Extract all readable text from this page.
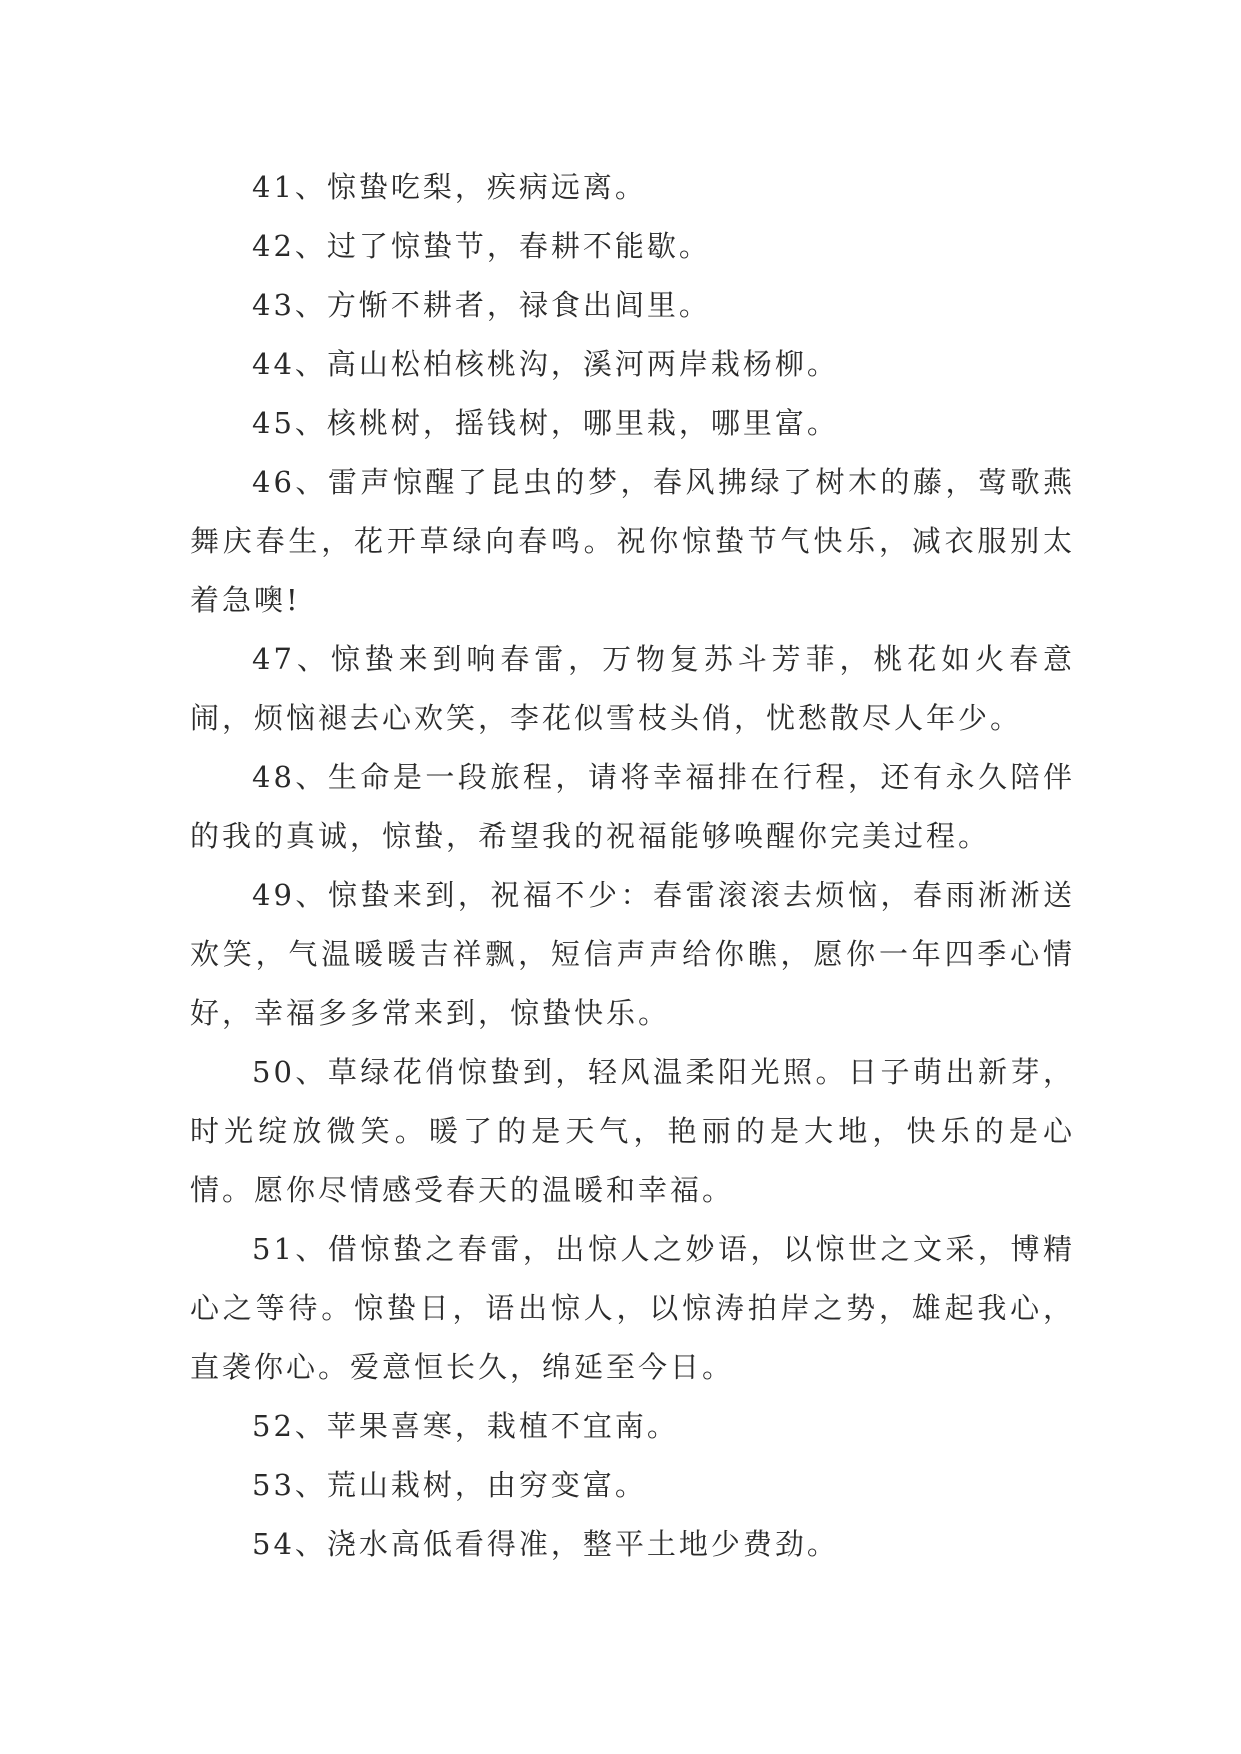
41、惊蛰吃梨，疾病远离。

42、过了惊蛰节，春耕不能歇。

43、方惭不耕者，禄食出闾里。

44、高山松柏核桃沟，溪河两岸栽杨柳。

45、核桃树，摇钱树，哪里栽，哪里富。

46、雷声惊醒了昆虫的梦，春风拂绿了树木的藤，莺歌燕舞庆春生，花开草绿向春鸣。祝你惊蛰节气快乐，减衣服别太着急噢!

47、惊蛰来到响春雷，万物复苏斗芳菲，桃花如火春意闹，烦恼褪去心欢笑，李花似雪枝头俏，忧愁散尽人年少。

48、生命是一段旅程，请将幸福排在行程，还有永久陪伴的我的真诚，惊蛰，希望我的祝福能够唤醒你完美过程。

49、惊蛰来到，祝福不少：春雷滚滚去烦恼，春雨淅淅送欢笑，气温暖暖吉祥飘，短信声声给你瞧，愿你一年四季心情好，幸福多多常来到，惊蛰快乐。

50、草绿花俏惊蛰到，轻风温柔阳光照。日子萌出新芽，时光绽放微笑。暖了的是天气，艳丽的是大地，快乐的是心情。愿你尽情感受春天的温暖和幸福。

51、借惊蛰之春雷，出惊人之妙语，以惊世之文采，博精心之等待。惊蛰日，语出惊人，以惊涛拍岸之势，雄起我心，直袭你心。爱意恒长久，绵延至今日。

52、苹果喜寒，栽植不宜南。

53、荒山栽树，由穷变富。

54、浇水高低看得准，整平土地少费劲。
